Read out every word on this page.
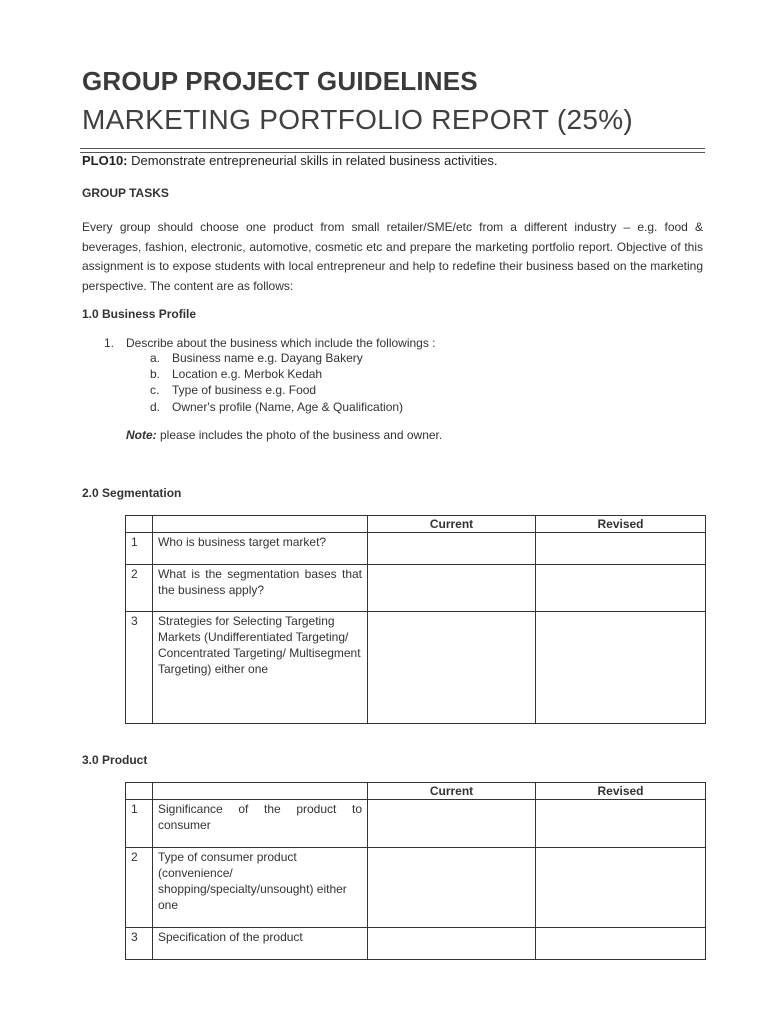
GROUP PROJECT GUIDELINES
MARKETING PORTFOLIO REPORT (25%)
PLO10: Demonstrate entrepreneurial skills in related business activities.
GROUP TASKS
Every group should choose one product from small retailer/SME/etc from a different industry – e.g. food & beverages, fashion, electronic, automotive, cosmetic etc and prepare the marketing portfolio report. Objective of this assignment is to expose students with local entrepreneur and help to redefine their business based on the marketing perspective. The content are as follows:
1.0 Business Profile
1. Describe about the business which include the followings :
a. Business name e.g. Dayang Bakery
b. Location e.g. Merbok Kedah
c. Type of business e.g. Food
d. Owner's profile (Name, Age & Qualification)
Note: please includes the photo of the business and owner.
2.0 Segmentation
		Current	Revised
1	Who is business target market?		
2	What is the segmentation bases that the business apply?		
3	Strategies for Selecting Targeting Markets (Undifferentiated Targeting/ Concentrated Targeting/ Multisegment Targeting) either one		
3.0 Product
		Current	Revised
1	Significance of the product to consumer		
2	Type of consumer product (convenience/ shopping/specialty/unsought) either one		
3	Specification of the product		
